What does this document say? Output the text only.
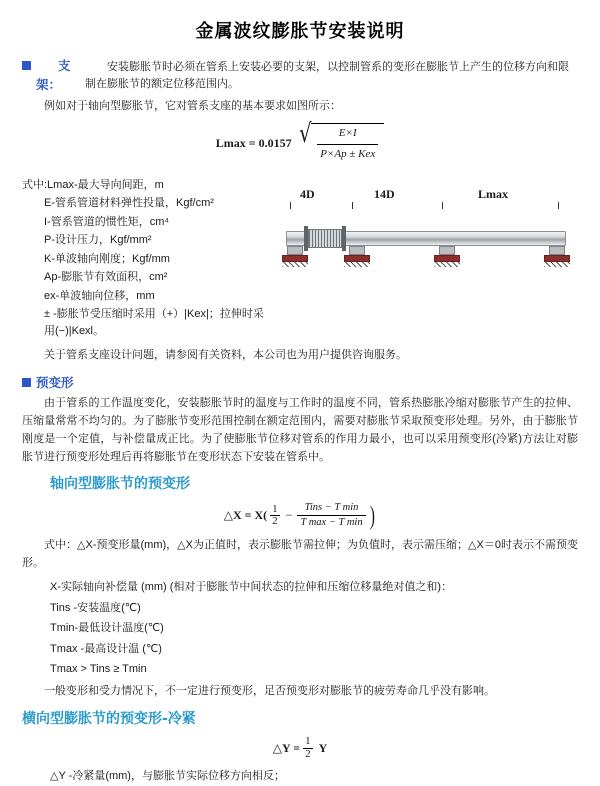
金属波纹膨胀节安装说明
支架：
安装膨胀节时必须在管系上安装必要的支架，以控制管系的变形在膨胀节上产生的位移方向和限制在膨胀节的额定位移范围内。

例如对于轴向型膨胀节，它对管系支座的基本要求如图所示：

Lmax = 0.0157 √ $\frac{E\times I}{\text{P×Ap ± Kex}}$
式中:Lmax-最大导向间距，m
E-管系管道材料弹性投量，Kgf/cm²
I-管系管道的惯性矩，cm⁴
P-设计压力，Kgf/mm²
K-单波轴向刚度；Kgf/mm
Ap-膨胀节有效面积，cm²
ex-单波轴向位移，mm
± -膨胀节受压缩时采用（+）|Kex|；拉伸时采用(−)|Kexl。
4D	14D	Lmax

关于管系支座设计问题，请参阅有关资料，本公司也为用户提供咨询服务。

预变形

由于管系的工作温度变化，安装膨胀节时的温度与工作时的温度不同，管系热膨胀冷缩对膨胀节产生的拉伸、压缩量常常不均匀的。为了膨胀节变形范围控制在额定范围内，需要对膨胀节采取预变形处理。另外，由于膨胀节刚度是一个定值，与补偿量成正比。为了使膨胀节位移对管系的作用力最小，也可以采用预变形(冷紧)方法让对膨胀节进行预变形处理后再将膨胀节在变形状态下安装在管系中。

轴向型膨胀节的预变形
△X = $X( \frac{1}{2}$ −
Tins − T min
T max − T min )

式中：△X-预变形量(mm)，△X为正值时，表示膨胀节需拉伸；为负值时，表示需压缩；△X＝0时表示不需预变形。

X-实际轴向补偿量 (mm) (相对于膨胀节中间状态的拉伸和压缩位移量绝对值之和)：
Tins -安装温度(℃)
Tmin-最低设计温度(℃)
Tmax -最高设计温 (℃)
Tmax > Tins ≥ Tmin

一般变形和受力情况下，不一定进行预变形，足否预变形对膨胀节的疲劳寿命几乎没有影响。

横向型膨胀节的预变形-冷紧
△Y = $\frac{1}{2}$ Y
△Y -冷紧量(mm)，与膨胀节实际位移方向相反；
